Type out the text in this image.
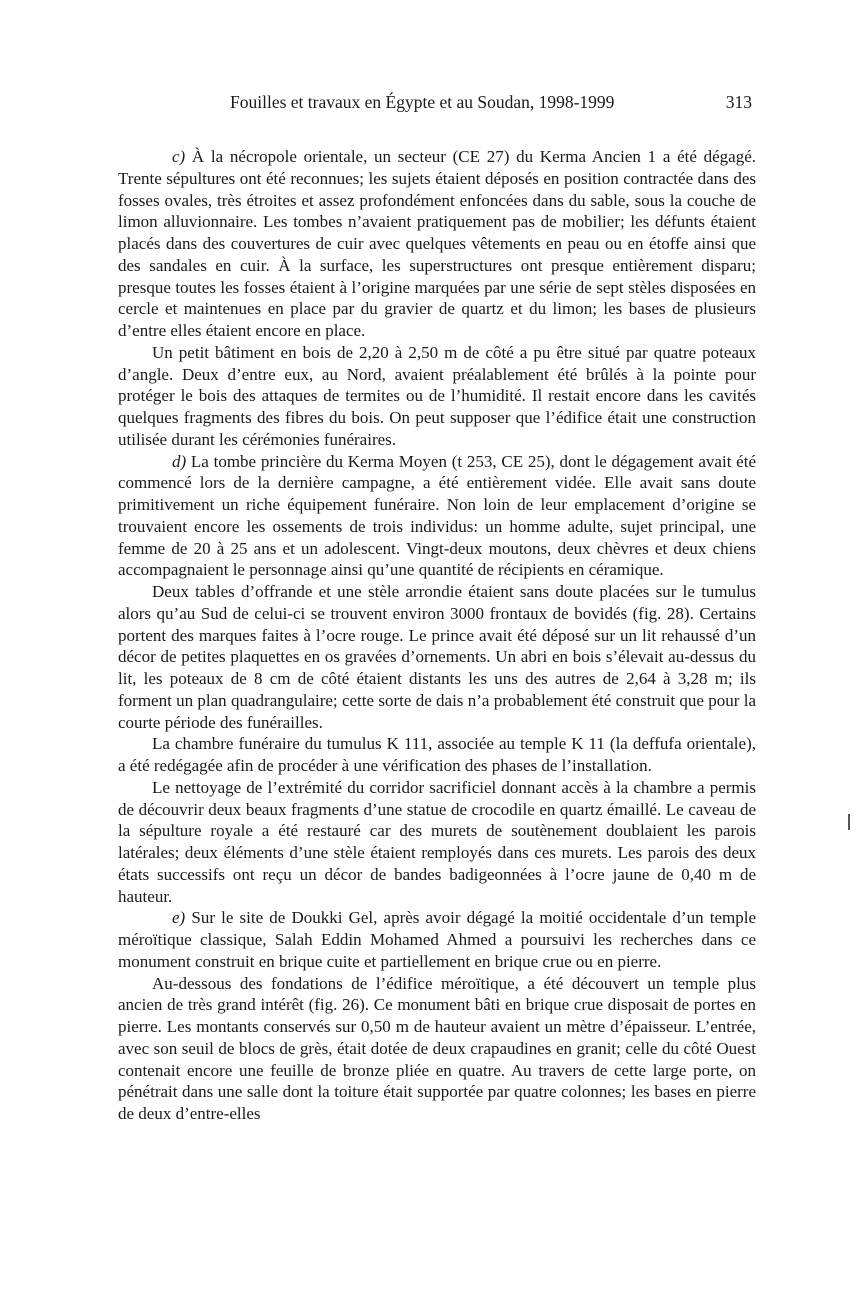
Fouilles et travaux en Égypte et au Soudan, 1998-1999	313

c) À la nécropole orientale, un secteur (CE 27) du Kerma Ancien 1 a été dégagé. Trente sépultures ont été reconnues; les sujets étaient déposés en position contractée dans des fosses ovales, très étroites et assez profondément enfoncées dans du sable, sous la couche de limon alluvionnaire. Les tombes n’avaient pratiquement pas de mobilier; les défunts étaient placés dans des couvertures de cuir avec quelques vêtements en peau ou en étoffe ainsi que des sandales en cuir. À la surface, les superstructures ont presque entièrement disparu; presque toutes les fosses étaient à l’origine marquées par une série de sept stèles disposées en cercle et maintenues en place par du gravier de quartz et du limon; les bases de plusieurs d’entre elles étaient encore en place.

Un petit bâtiment en bois de 2,20 à 2,50 m de côté a pu être situé par quatre poteaux d’angle. Deux d’entre eux, au Nord, avaient préalablement été brûlés à la pointe pour protéger le bois des attaques de termites ou de l’humidité. Il restait encore dans les cavités quelques fragments des fibres du bois. On peut supposer que l’édifice était une construction utilisée durant les cérémonies funéraires.

d) La tombe princière du Kerma Moyen (t 253, CE 25), dont le dégagement avait été commencé lors de la dernière campagne, a été entièrement vidée. Elle avait sans doute primitivement un riche équipement funéraire. Non loin de leur emplacement d’origine se trouvaient encore les ossements de trois individus: un homme adulte, sujet principal, une femme de 20 à 25 ans et un adolescent. Vingt-deux moutons, deux chèvres et deux chiens accompagnaient le personnage ainsi qu’une quantité de récipients en céramique.

Deux tables d’offrande et une stèle arrondie étaient sans doute placées sur le tumulus alors qu’au Sud de celui-ci se trouvent environ 3000 frontaux de bovidés (fig. 28). Certains portent des marques faites à l’ocre rouge. Le prince avait été déposé sur un lit rehaussé d’un décor de petites plaquettes en os gravées d’ornements. Un abri en bois s’élevait au-dessus du lit, les poteaux de 8 cm de côté étaient distants les uns des autres de 2,64 à 3,28 m; ils forment un plan quadrangulaire; cette sorte de dais n’a probablement été construit que pour la courte période des funérailles.

La chambre funéraire du tumulus K 111, associée au temple K 11 (la deffufa orientale), a été redégagée afin de procéder à une vérification des phases de l’installation.

Le nettoyage de l’extrémité du corridor sacrificiel donnant accès à la chambre a permis de découvrir deux beaux fragments d’une statue de crocodile en quartz émaillé. Le caveau de la sépulture royale a été restauré car des murets de soutènement doublaient les parois latérales; deux éléments d’une stèle étaient remployés dans ces murets. Les parois des deux états successifs ont reçu un décor de bandes badigeonnées à l’ocre jaune de 0,40 m de hauteur.

e) Sur le site de Doukki Gel, après avoir dégagé la moitié occidentale d’un temple méroïtique classique, Salah Eddin Mohamed Ahmed a poursuivi les recherches dans ce monument construit en brique cuite et partiellement en brique crue ou en pierre.

Au-dessous des fondations de l’édifice méroïtique, a été découvert un temple plus ancien de très grand intérêt (fig. 26). Ce monument bâti en brique crue disposait de portes en pierre. Les montants conservés sur 0,50 m de hauteur avaient un mètre d’épaisseur. L’entrée, avec son seuil de blocs de grès, était dotée de deux crapaudines en granit; celle du côté Ouest contenait encore une feuille de bronze pliée en quatre. Au travers de cette large porte, on pénétrait dans une salle dont la toiture était supportée par quatre colonnes; les bases en pierre de deux d’entre-elles
